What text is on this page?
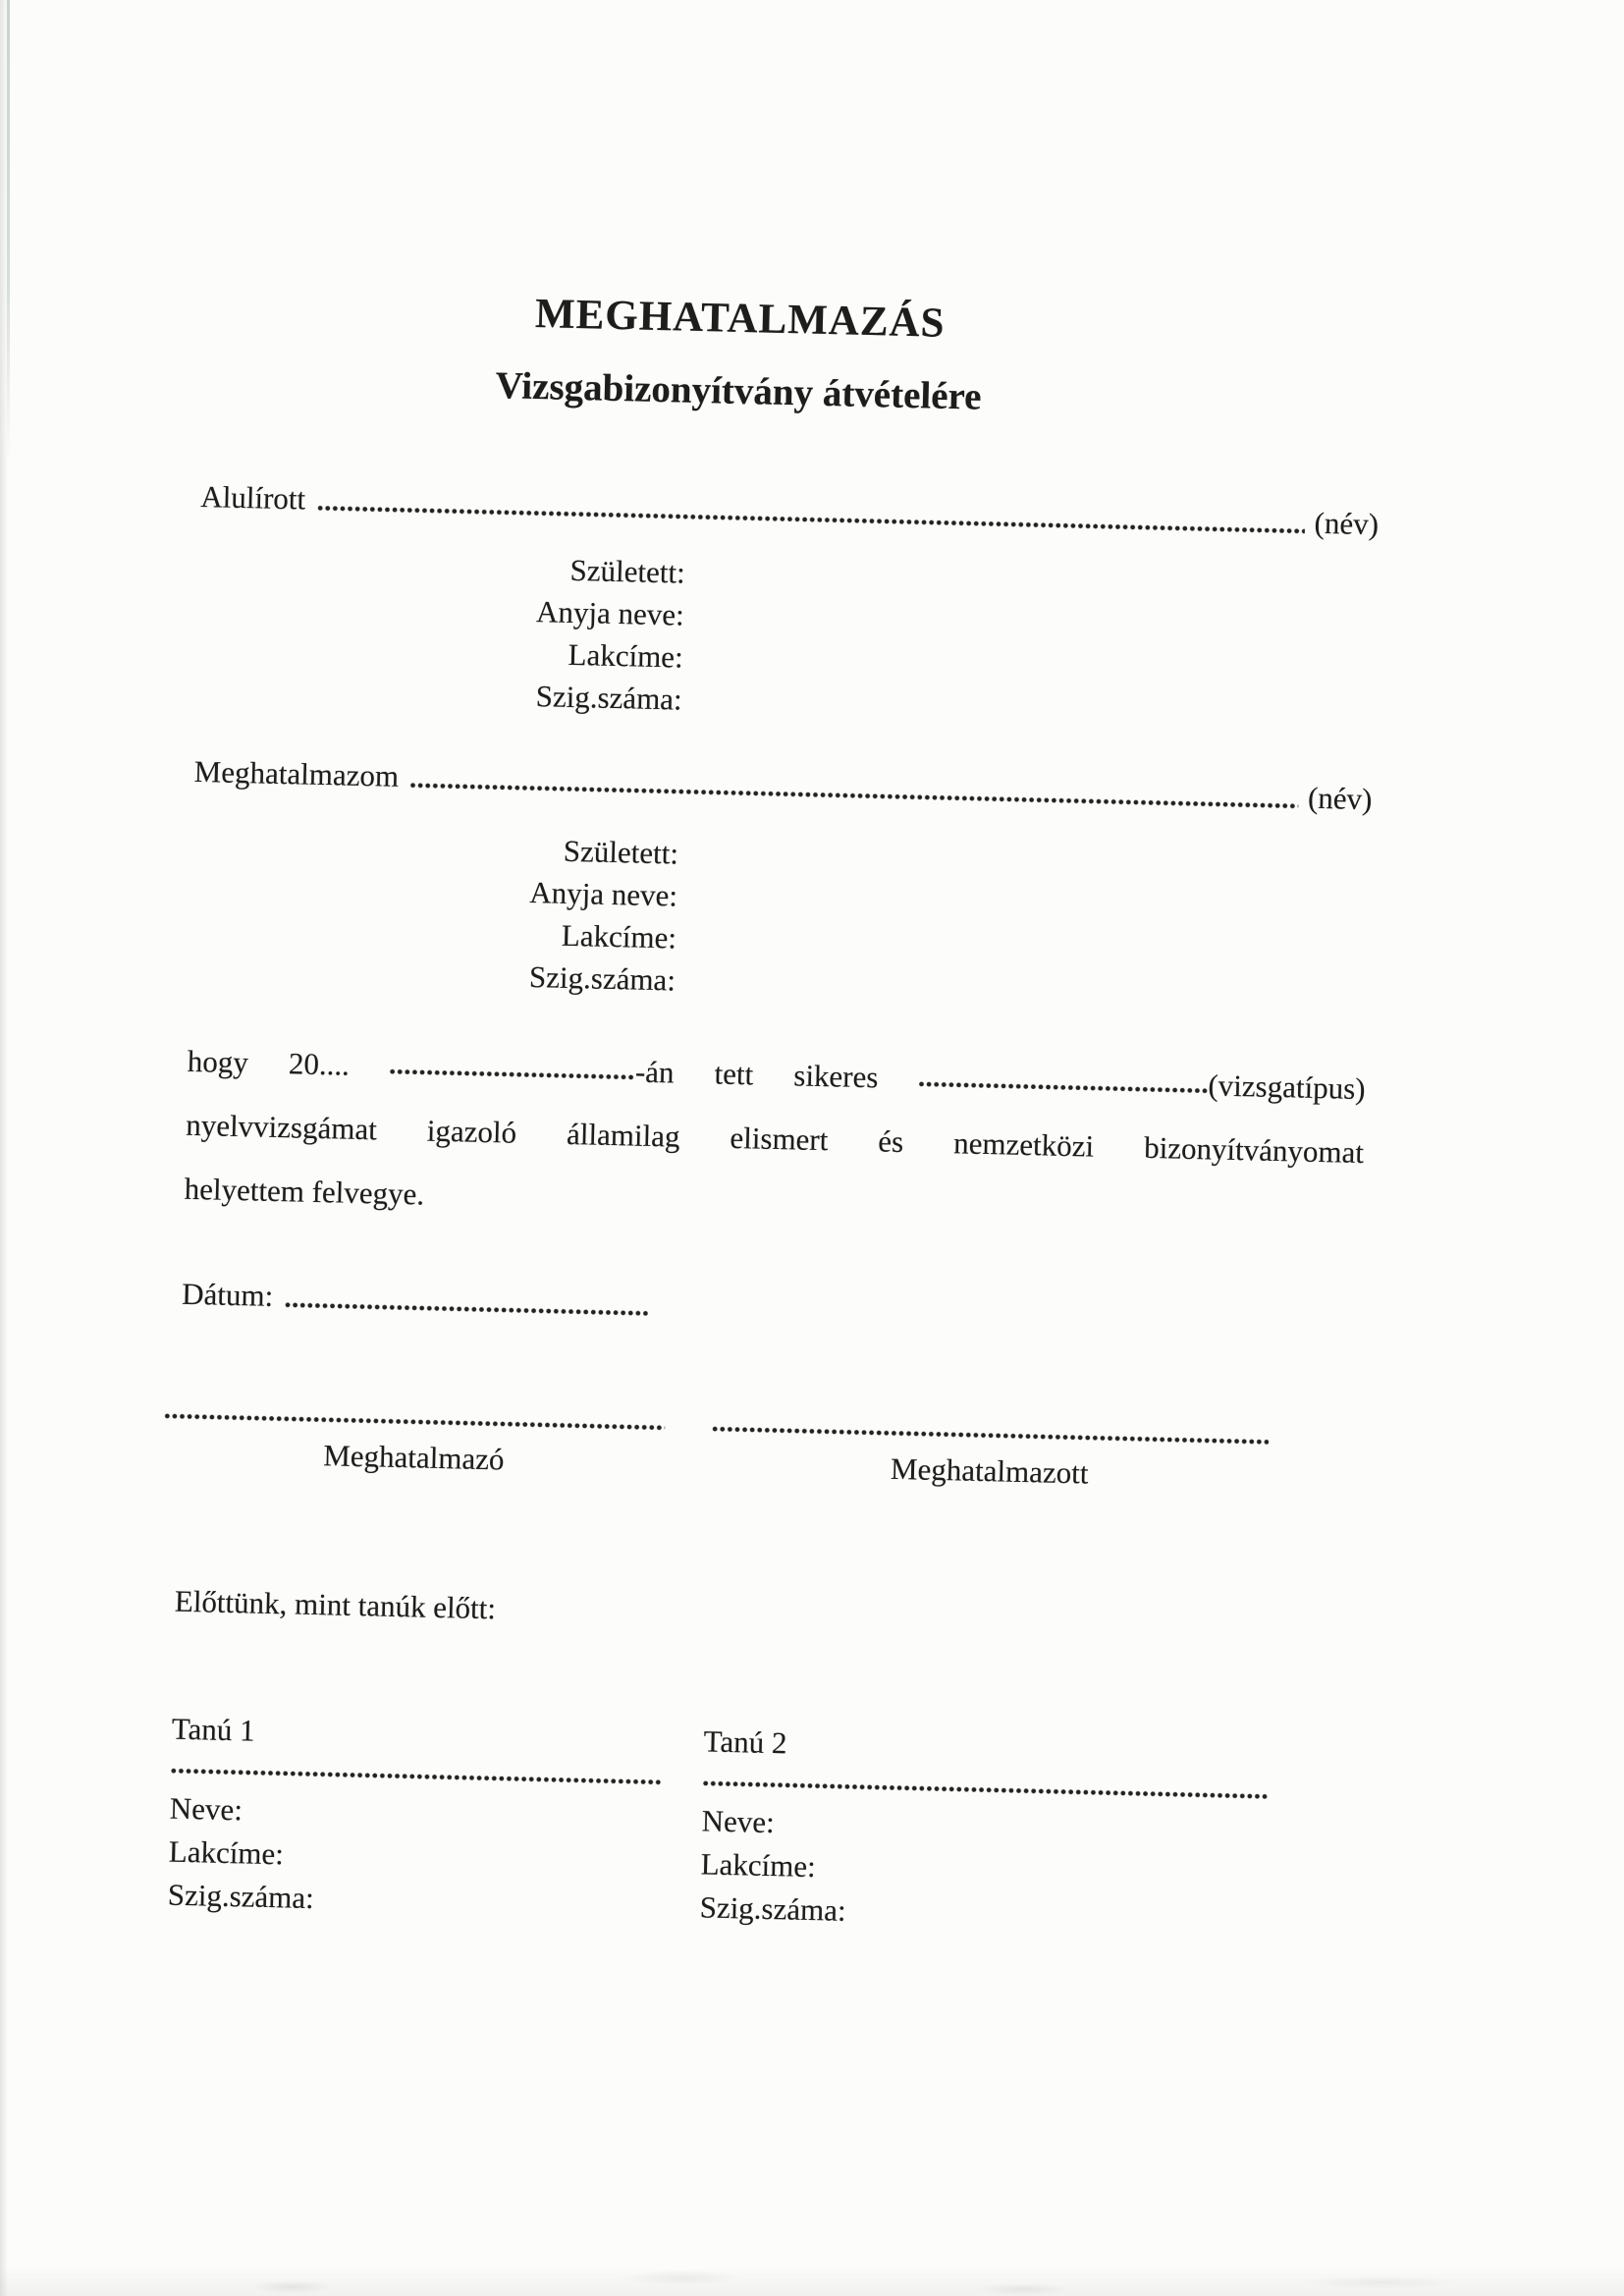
MEGHATALMAZÁS
Vizsgabizonyítvány átvételére
Alulírott
(név)
Született:
Anyja neve:
Lakcíme:
Szig.száma:
Meghatalmazom
(név)
Született:
Anyja neve:
Lakcíme:
Szig.száma:
hogy 20....	-án tett sikeres	(vizsgatípus)
nyelvvizsgámat igazoló államilag elismert és nemzetközi bizonyítványomat
helyettem felvegye.
Dátum:
Meghatalmazó	Meghatalmazott
Előttünk, mint tanúk előtt:
Tanú 1
Neve:
Lakcíme:
Szig.száma:
Tanú 2
Neve:
Lakcíme:
Szig.száma:
